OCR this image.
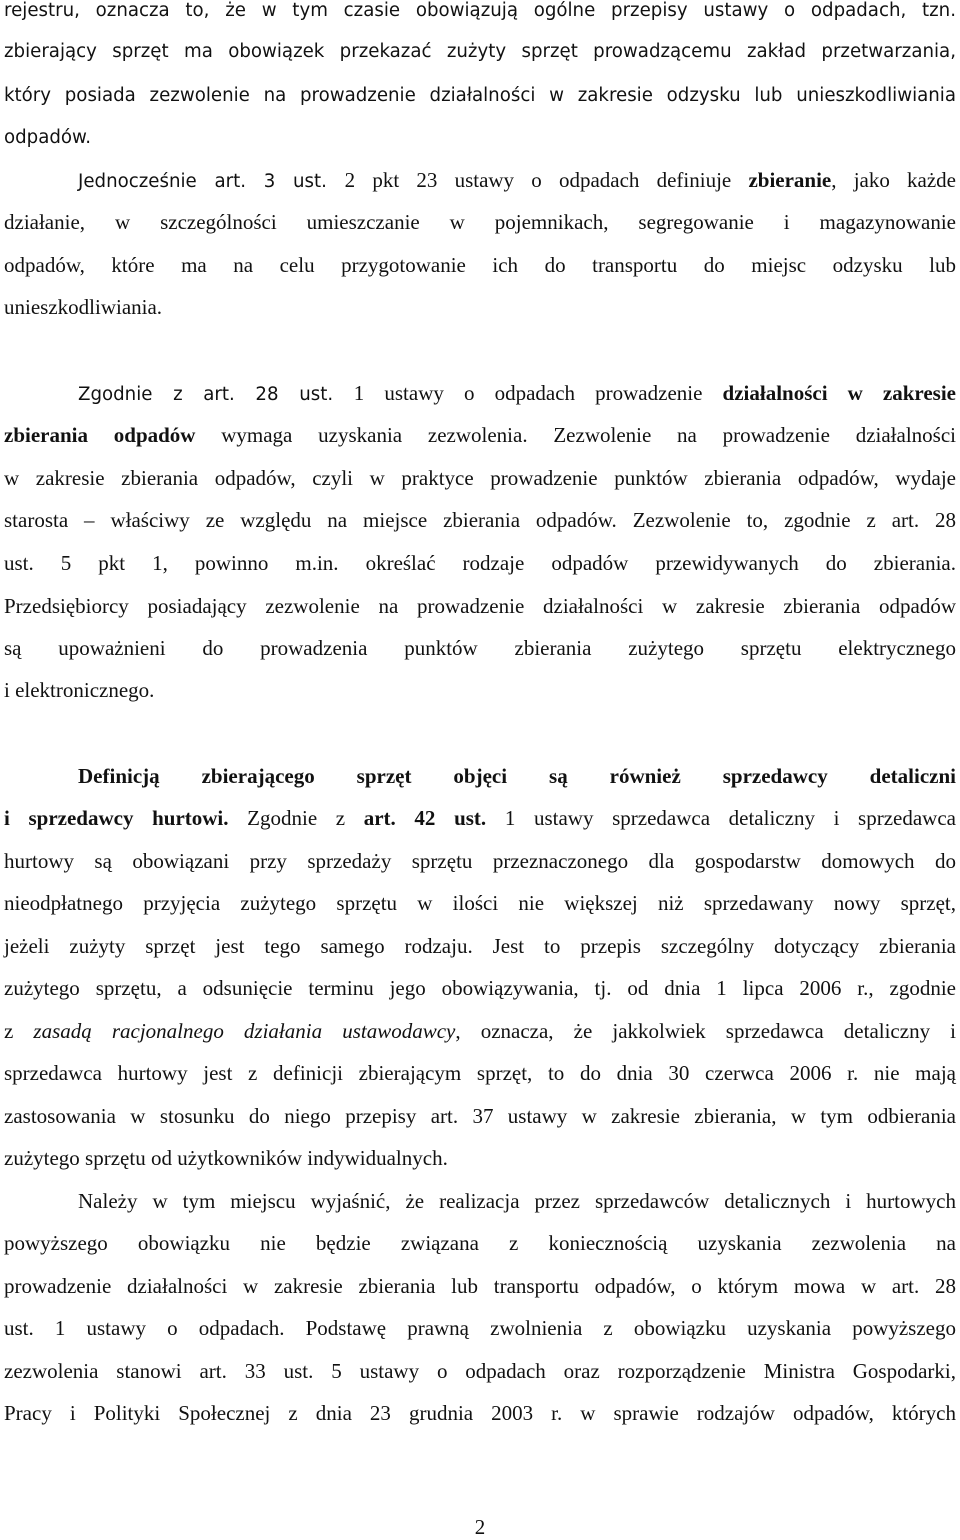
rejestru, oznacza to, że w tym czasie obowiązują ogólne przepisy ustawy o odpadach, tzn.

zbierający sprzęt ma obowiązek przekazać zużyty sprzęt prowadzącemu zakład przetwarzania,

który posiada zezwolenie na prowadzenie działalności w zakresie odzysku lub unieszkodliwiania

odpadów.

Jednocześnie art. 3 ust. 2 pkt 23 ustawy o odpadach definiuje zbieranie, jako każde

działanie, w szczególności umieszczanie w pojemnikach, segregowanie i magazynowanie

odpadów, które ma na celu przygotowanie ich do transportu do miejsc odzysku lub

unieszkodliwiania.

Zgodnie z art. 28 ust. 1 ustawy o odpadach prowadzenie działalności w zakresie

zbierania odpadów wymaga uzyskania zezwolenia. Zezwolenie na prowadzenie działalności

w zakresie zbierania odpadów, czyli w praktyce prowadzenie punktów zbierania odpadów, wydaje

starosta – właściwy ze względu na miejsce zbierania odpadów. Zezwolenie to, zgodnie z art. 28

ust. 5 pkt 1, powinno m.in. określać rodzaje odpadów przewidywanych do zbierania.

Przedsiębiorcy posiadający zezwolenie na prowadzenie działalności w zakresie zbierania odpadów

są upoważnieni do prowadzenia punktów zbierania zużytego sprzętu elektrycznego

i elektronicznego.

Definicją zbierającego sprzęt objęci są również sprzedawcy detaliczni

i sprzedawcy hurtowi. Zgodnie z art. 42 ust. 1 ustawy sprzedawca detaliczny i sprzedawca

hurtowy są obowiązani przy sprzedaży sprzętu przeznaczonego dla gospodarstw domowych do

nieodpłatnego przyjęcia zużytego sprzętu w ilości nie większej niż sprzedawany nowy sprzęt,

jeżeli zużyty sprzęt jest tego samego rodzaju. Jest to przepis szczególny dotyczący zbierania

zużytego sprzętu, a odsunięcie terminu jego obowiązywania, tj. od dnia 1 lipca 2006 r., zgodnie

z zasadą racjonalnego działania ustawodawcy, oznacza, że jakkolwiek sprzedawca detaliczny i

sprzedawca hurtowy jest z definicji zbierającym sprzęt, to do dnia 30 czerwca 2006 r. nie mają

zastosowania w stosunku do niego przepisy art. 37 ustawy w zakresie zbierania, w tym odbierania

zużytego sprzętu od użytkowników indywidualnych.

Należy w tym miejscu wyjaśnić, że realizacja przez sprzedawców detalicznych i hurtowych

powyższego obowiązku nie będzie związana z koniecznością uzyskania zezwolenia na

prowadzenie działalności w zakresie zbierania lub transportu odpadów, o którym mowa w art. 28

ust. 1 ustawy o odpadach. Podstawę prawną zwolnienia z obowiązku uzyskania powyższego

zezwolenia stanowi art. 33 ust. 5 ustawy o odpadach oraz rozporządzenie Ministra Gospodarki,

Pracy i Polityki Społecznej z dnia 23 grudnia 2003 r. w sprawie rodzajów odpadów, których

2
